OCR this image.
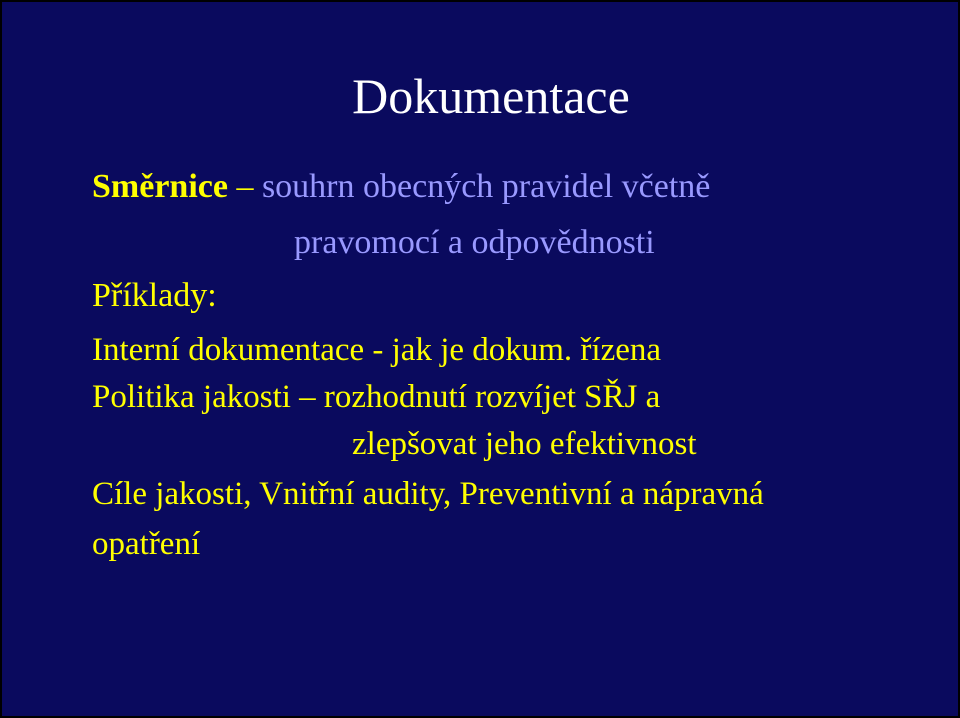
Dokumentace
Směrnice – souhrn obecných pravidel včetně
pravomocí a odpovědnosti
Příklady:
Interní dokumentace - jak je dokum. řízena
Politika jakosti – rozhodnutí rozvíjet SŘJ a
zlepšovat jeho efektivnost
Cíle jakosti, Vnitřní audity, Preventivní a nápravná
opatření
